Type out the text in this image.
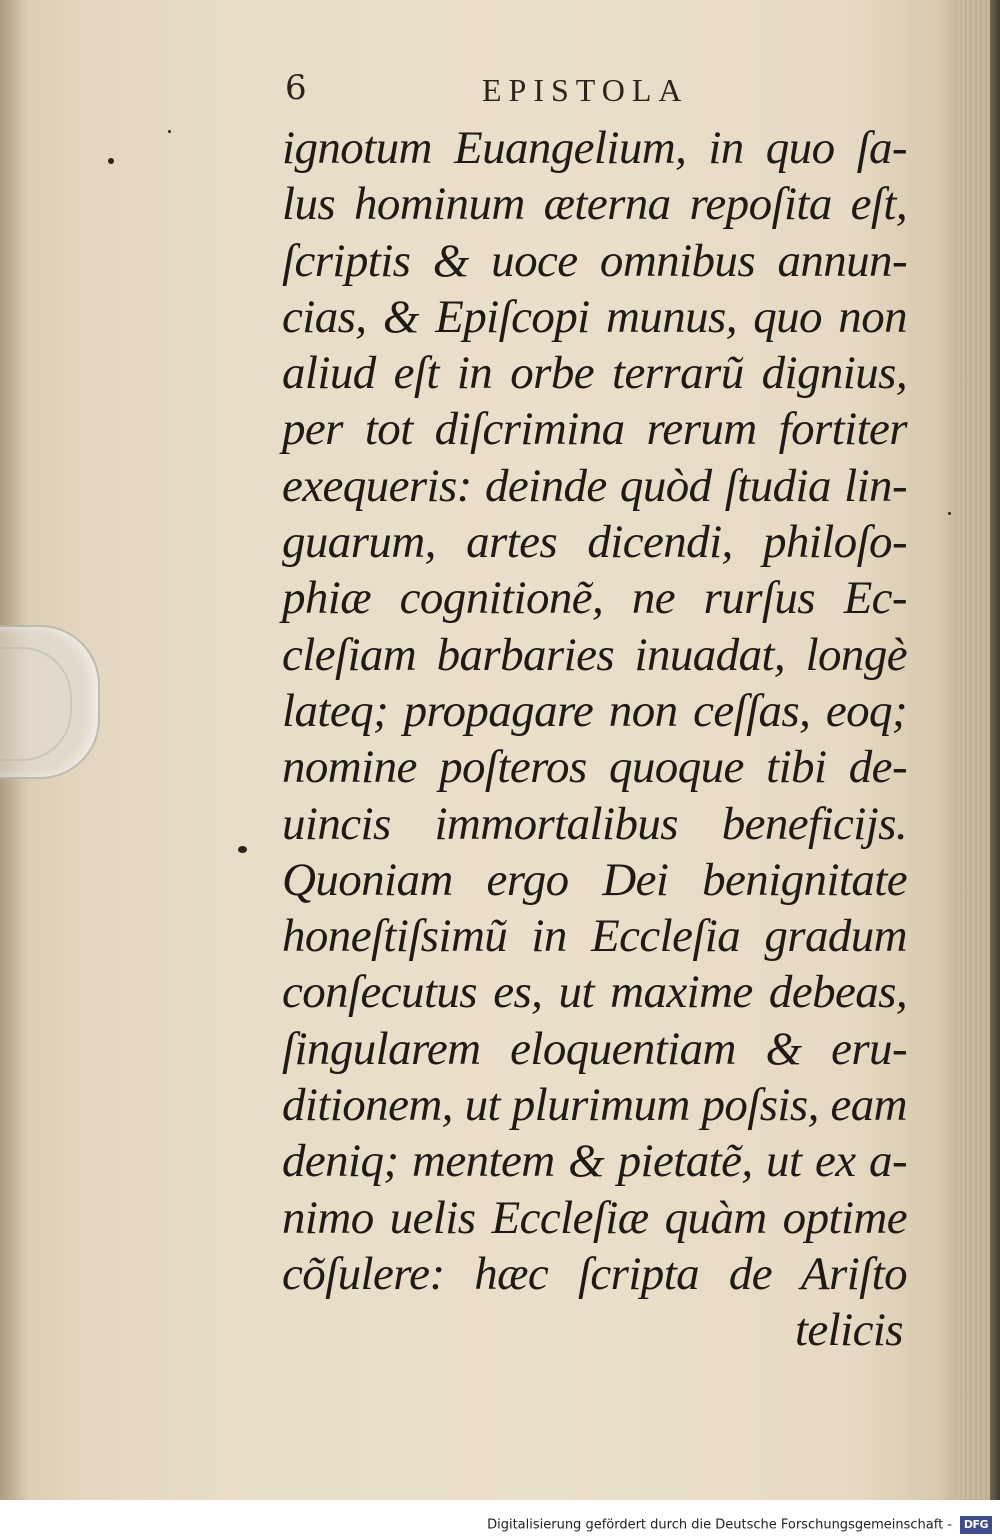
6	EPISTOLA
ignotum Euangelium, in quo ſa-
lus hominum æterna repoſita eſt,
ſcriptis & uoce omnibus annun-
cias, & Epiſcopi munus, quo non
aliud eſt in orbe terrarũ dignius,
per tot diſcrimina rerum fortiter
exequeris: deinde quòd ſtudia lin-
guarum, artes dicendi, philoſo-
phiæ cognitionẽ, ne rurſus Ec-
cleſiam barbaries inuadat, longè
lateq; propagare non ceſſas, eoq;
nomine poſteros quoque tibi de-
uincis immortalibus beneficijs.
Quoniam ergo Dei benignitate
honeſtiſsimũ in Eccleſia gradum
conſecutus es, ut maxime debeas,
ſingularem eloquentiam & eru-
ditionem, ut plurimum poſsis, eam
deniq; mentem & pietatẽ, ut ex a-
nimo uelis Eccleſiæ quàm optime
cõſulere: hæc ſcripta de Ariſto
telicis
Digitalisierung gefördert durch die Deutsche Forschungsgemeinschaft -	DFG
